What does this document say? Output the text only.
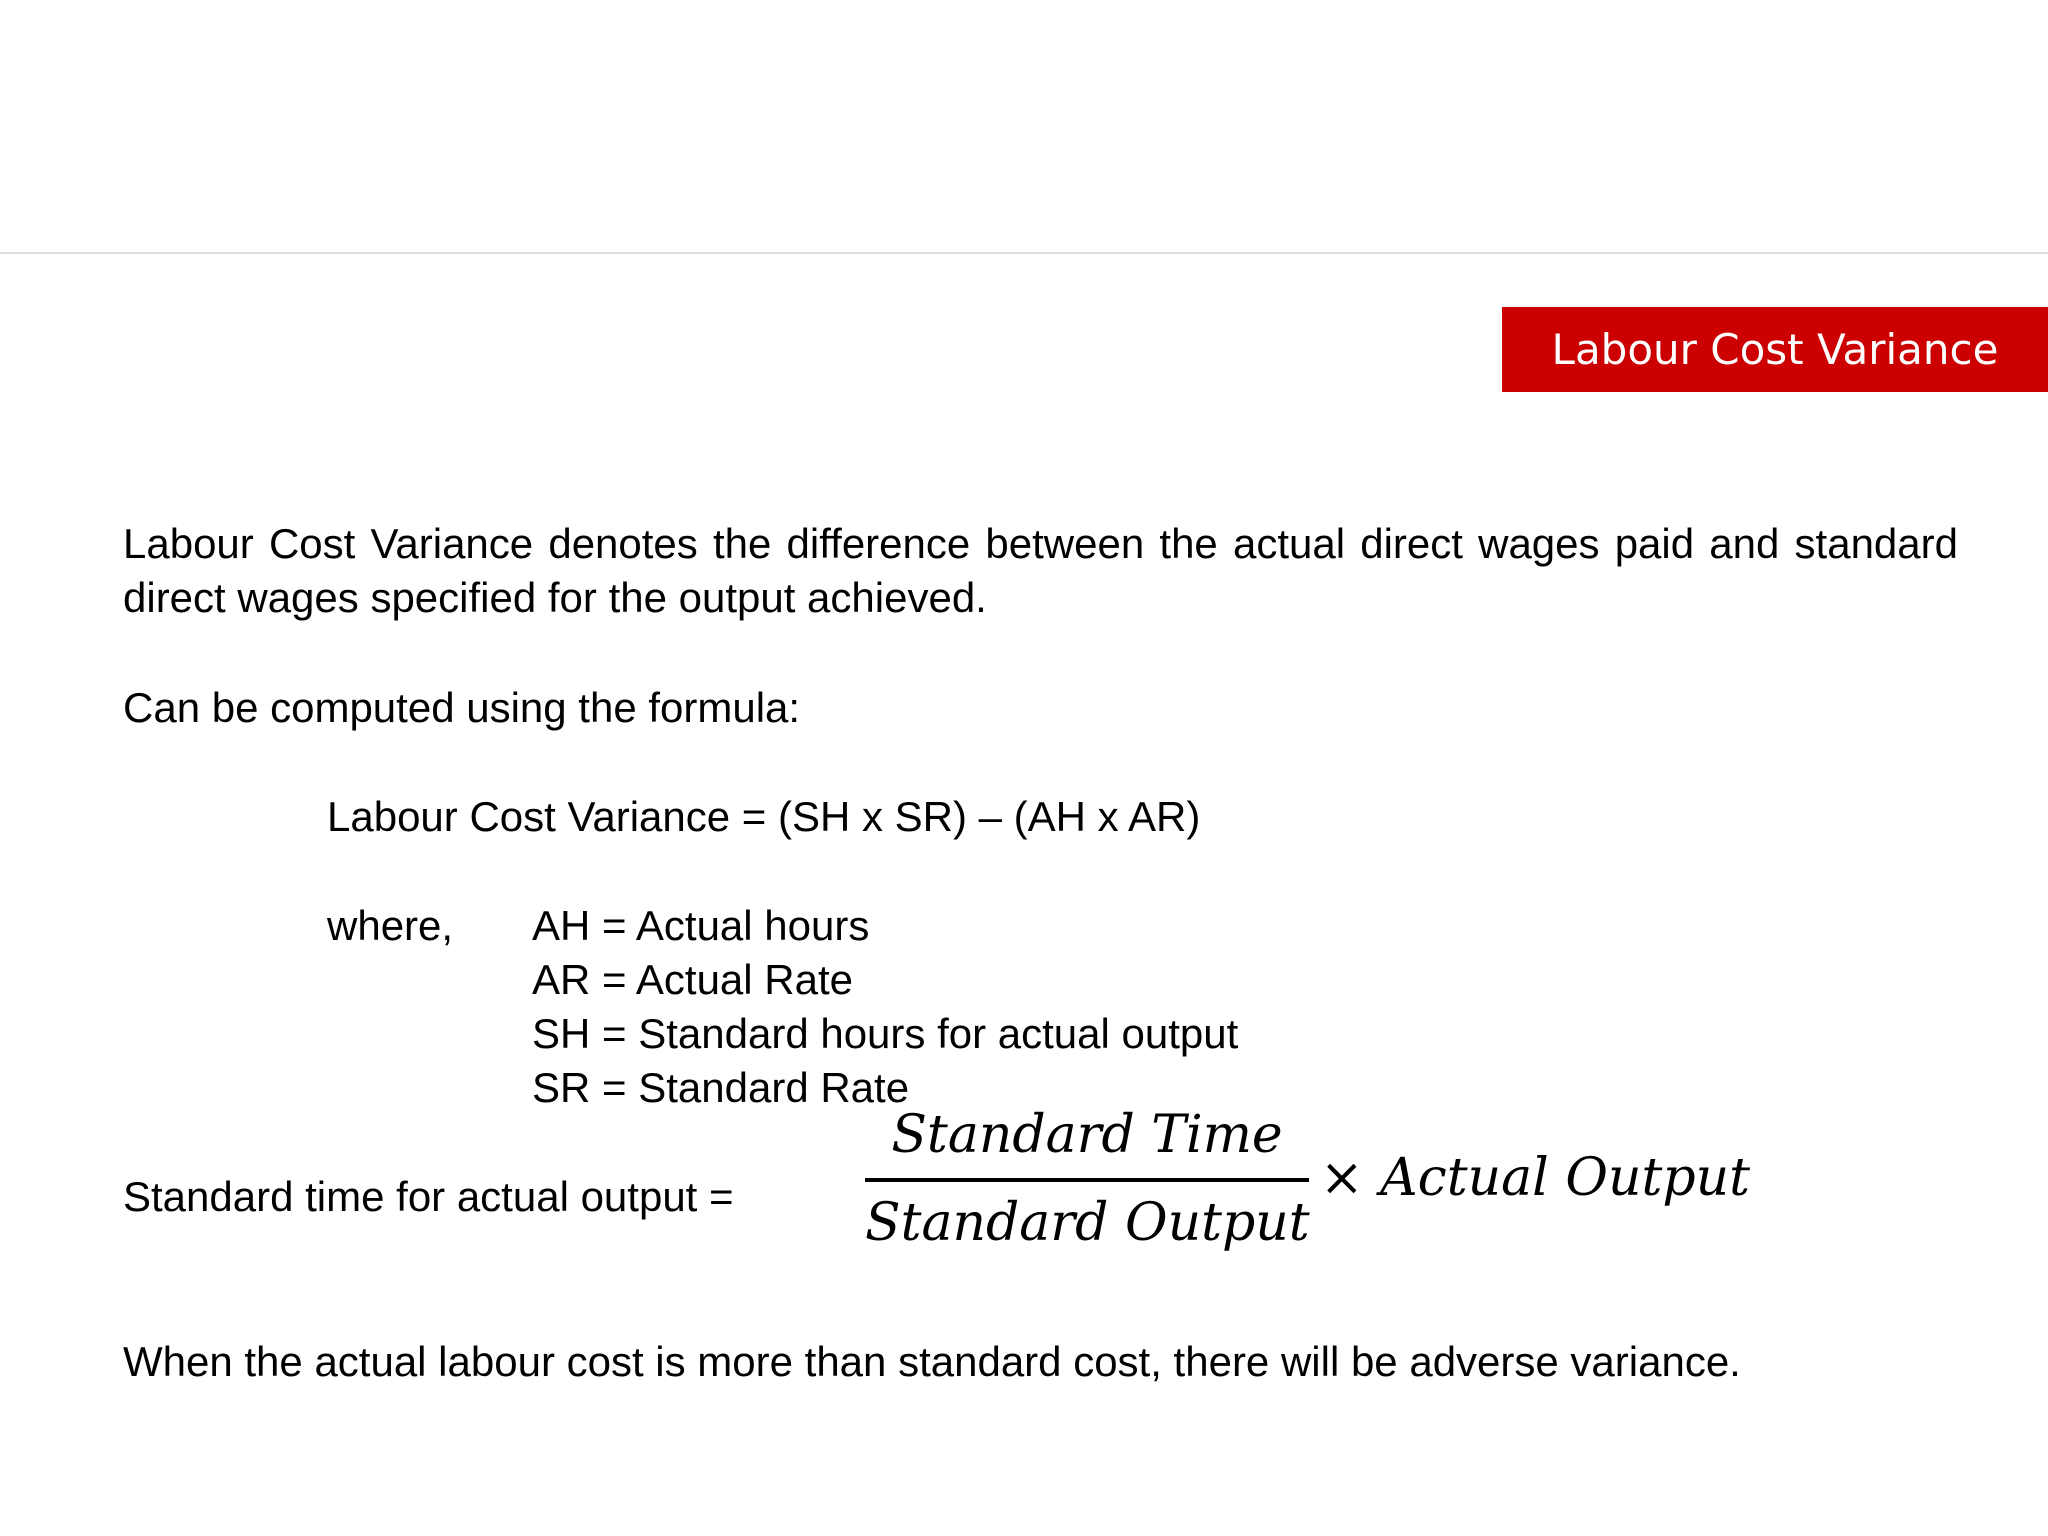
Labour Cost Variance
Labour Cost Variance denotes the difference between the actual direct wages paid and standard direct wages specified for the output achieved.
Can be computed using the formula:
Labour Cost Variance = (SH x SR) – (AH x AR)
where, AH = Actual hours
AR = Actual Rate
SH = Standard hours for actual output
SR = Standard Rate
Standard time for actual output =
Standard Time
Standard Output
× Actual Output
When the actual labour cost is more than standard cost, there will be adverse variance.
